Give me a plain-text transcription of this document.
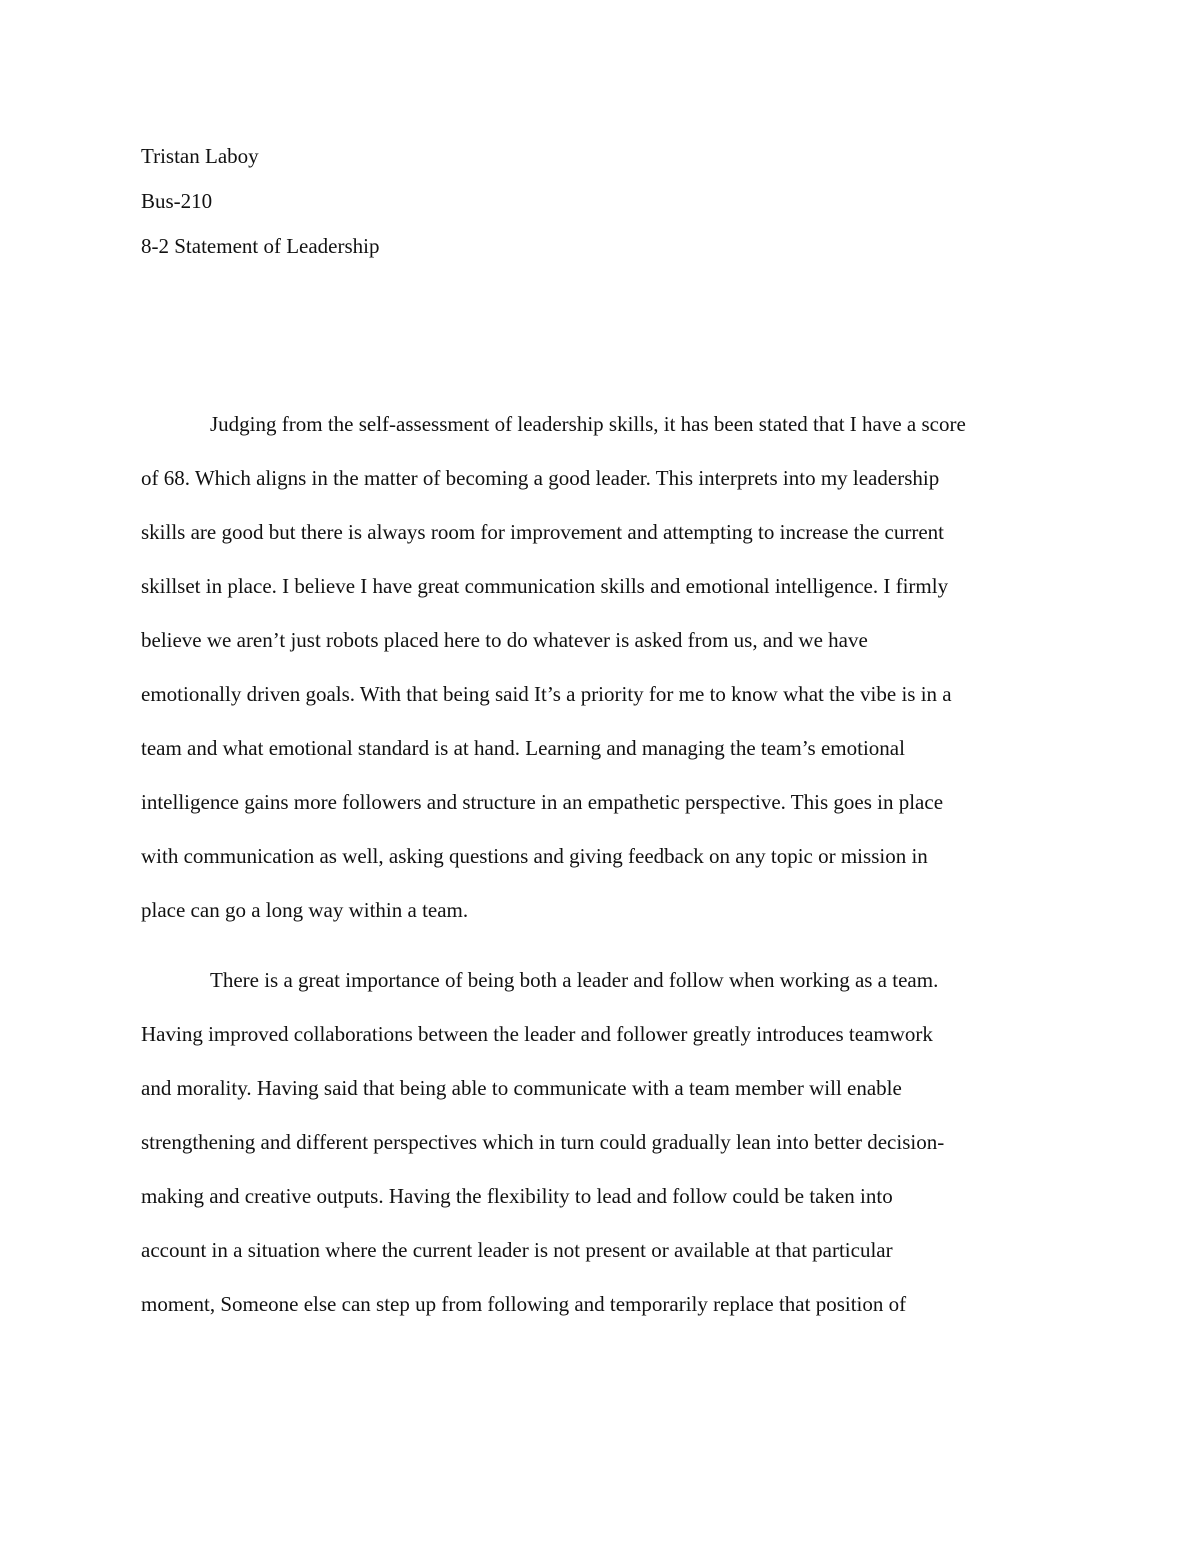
Tristan Laboy
Bus-210
8-2 Statement of Leadership
Judging from the self-assessment of leadership skills, it has been stated that I have a score
of 68. Which aligns in the matter of becoming a good leader. This interprets into my leadership
skills are good but there is always room for improvement and attempting to increase the current
skillset in place. I believe I have great communication skills and emotional intelligence. I firmly
believe we aren’t just robots placed here to do whatever is asked from us, and we have
emotionally driven goals. With that being said It’s a priority for me to know what the vibe is in a
team and what emotional standard is at hand. Learning and managing the team’s emotional
intelligence gains more followers and structure in an empathetic perspective. This goes in place
with communication as well, asking questions and giving feedback on any topic or mission in
place can go a long way within a team.
There is a great importance of being both a leader and follow when working as a team.
Having improved collaborations between the leader and follower greatly introduces teamwork
and morality. Having said that being able to communicate with a team member will enable
strengthening and different perspectives which in turn could gradually lean into better decision-
making and creative outputs. Having the flexibility to lead and follow could be taken into
account in a situation where the current leader is not present or available at that particular
moment, Someone else can step up from following and temporarily replace that position of
